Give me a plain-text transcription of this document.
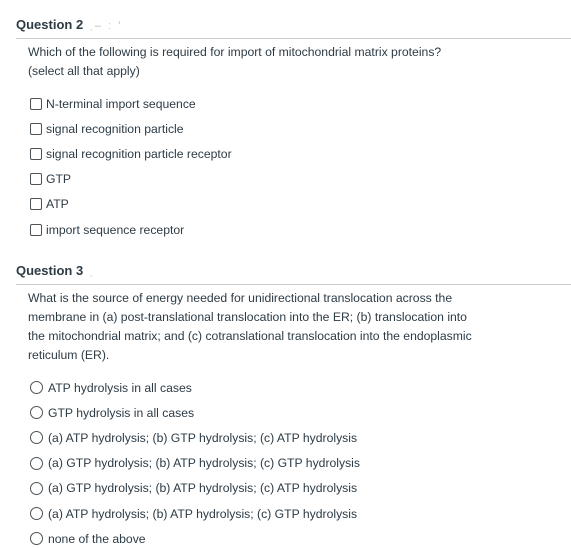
Question 2 ˌ– ː ’
Which of the following is required for import of mitochondrial matrix proteins?
(select all that apply)
N-terminal import sequence
signal recognition particle
signal recognition particle receptor
GTP
ATP
import sequence receptor
Question 3 ˌ
What is the source of energy needed for unidirectional translocation across the
membrane in (a) post-translational translocation into the ER; (b) translocation into
the mitochondrial matrix; and (c) cotranslational translocation into the endoplasmic
reticulum (ER).
ATP hydrolysis in all cases
GTP hydrolysis in all cases
(a) ATP hydrolysis; (b) GTP hydrolysis; (c) ATP hydrolysis
(a) GTP hydrolysis; (b) ATP hydrolysis; (c) GTP hydrolysis
(a) GTP hydrolysis; (b) ATP hydrolysis; (c) ATP hydrolysis
(a) ATP hydrolysis; (b) ATP hydrolysis; (c) GTP hydrolysis
none of the above
